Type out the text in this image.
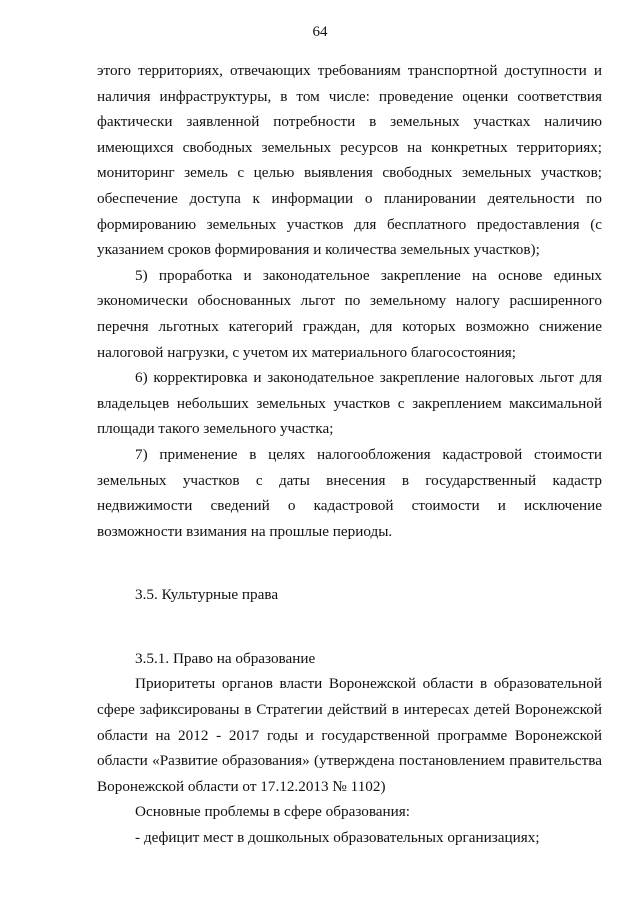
64

этого территориях, отвечающих требованиям транспортной доступности и наличия инфраструктуры, в том числе: проведение оценки соответствия фактически заявленной потребности в земельных участках наличию имеющихся свободных земельных ресурсов на конкретных территориях; мониторинг земель с целью выявления свободных земельных участков; обеспечение доступа к информации о планировании деятельности по формированию земельных участков для бесплатного предоставления (с указанием сроков формирования и количества земельных участков);

5) проработка и законодательное закрепление на основе единых экономически обоснованных льгот по земельному налогу расширенного перечня льготных категорий граждан, для которых возможно снижение налоговой нагрузки, с учетом их материального благосостояния;

6) корректировка и законодательное закрепление налоговых льгот для владельцев небольших земельных участков с закреплением максимальной площади такого земельного участка;

7) применение в целях налогообложения кадастровой стоимости земельных участков с даты внесения в государственный кадастр недвижимости сведений о кадастровой стоимости и исключение возможности взимания на прошлые периоды.

3.5. Культурные права

3.5.1. Право на образование

Приоритеты органов власти Воронежской области в образовательной сфере зафиксированы в Стратегии действий в интересах детей Воронежской области на 2012 - 2017 годы и государственной программе Воронежской области «Развитие образования» (утверждена постановлением правительства Воронежской области от 17.12.2013 № 1102)

Основные проблемы в сфере образования:

- дефицит мест в дошкольных образовательных организациях;
